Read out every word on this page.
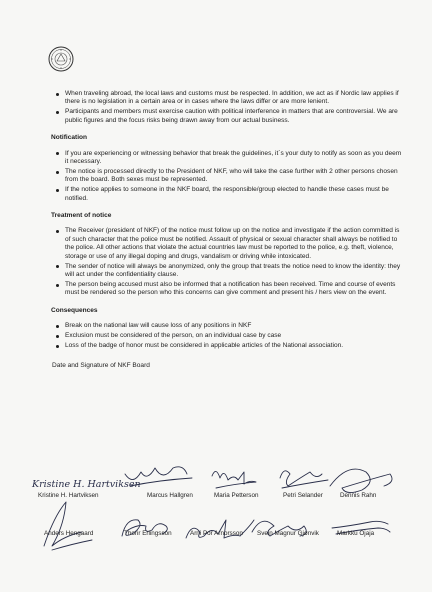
When traveling abroad, the local laws and customs must be respected. In addition, we act as if Nordic law applies if there is no legislation in a certain area or in cases where the laws differ or are more lenient.
Participants and members must exercise caution with political interference in matters that are controversial. We are public figures and the focus risks being drawn away from our actual business.
Notification
If you are experiencing or witnessing behavior that break the guidelines, it`s your duty to notify as soon as you deem it necessary.
The notice is processed directly to the President of NKF, who will take the case further with 2 other persons chosen from the board. Both sexes must be represented.
If the notice applies to someone in the NKF board, the responsible/group elected to handle these cases must be notified.
Treatment of notice
The Receiver (president of NKF) of the notice must follow up on the notice and investigate if the action committed is of such character that the police must be notified. Assault of physical or sexual character shall always be notified to the police. All other actions that violate the actual countries law must be reported to the police, e.g. theft, violence, storage or use of any illegal doping and drugs, vandalism or driving while intoxicated.
The sender of notice will always be anonymized, only the group that treats the notice need to know the identity: they will act under the confidentiality clause.
The person being accused must also be informed that a notification has been received. Time and course of events must be rendered so the person who this concerns can give comment and present his / hers view on the event.
Consequences
Break on the national law will cause loss of any positions in NKF
Exclusion must be considered of the person, on an individual case by case
Loss of the badge of honor must be considered in applicable articles of the National association.
Date and Signature of NKF Board
Kristine H. Hartviksen
Kristine H. Hartviksen	Marcus Hallgren	Maria Petterson	Petri Selander	Dennis Rahn
Anders Hengaard	Thorir Erlingsson	Arni Por Arnorsson Svein Magnur Gjønvik	Markku Ojaja
